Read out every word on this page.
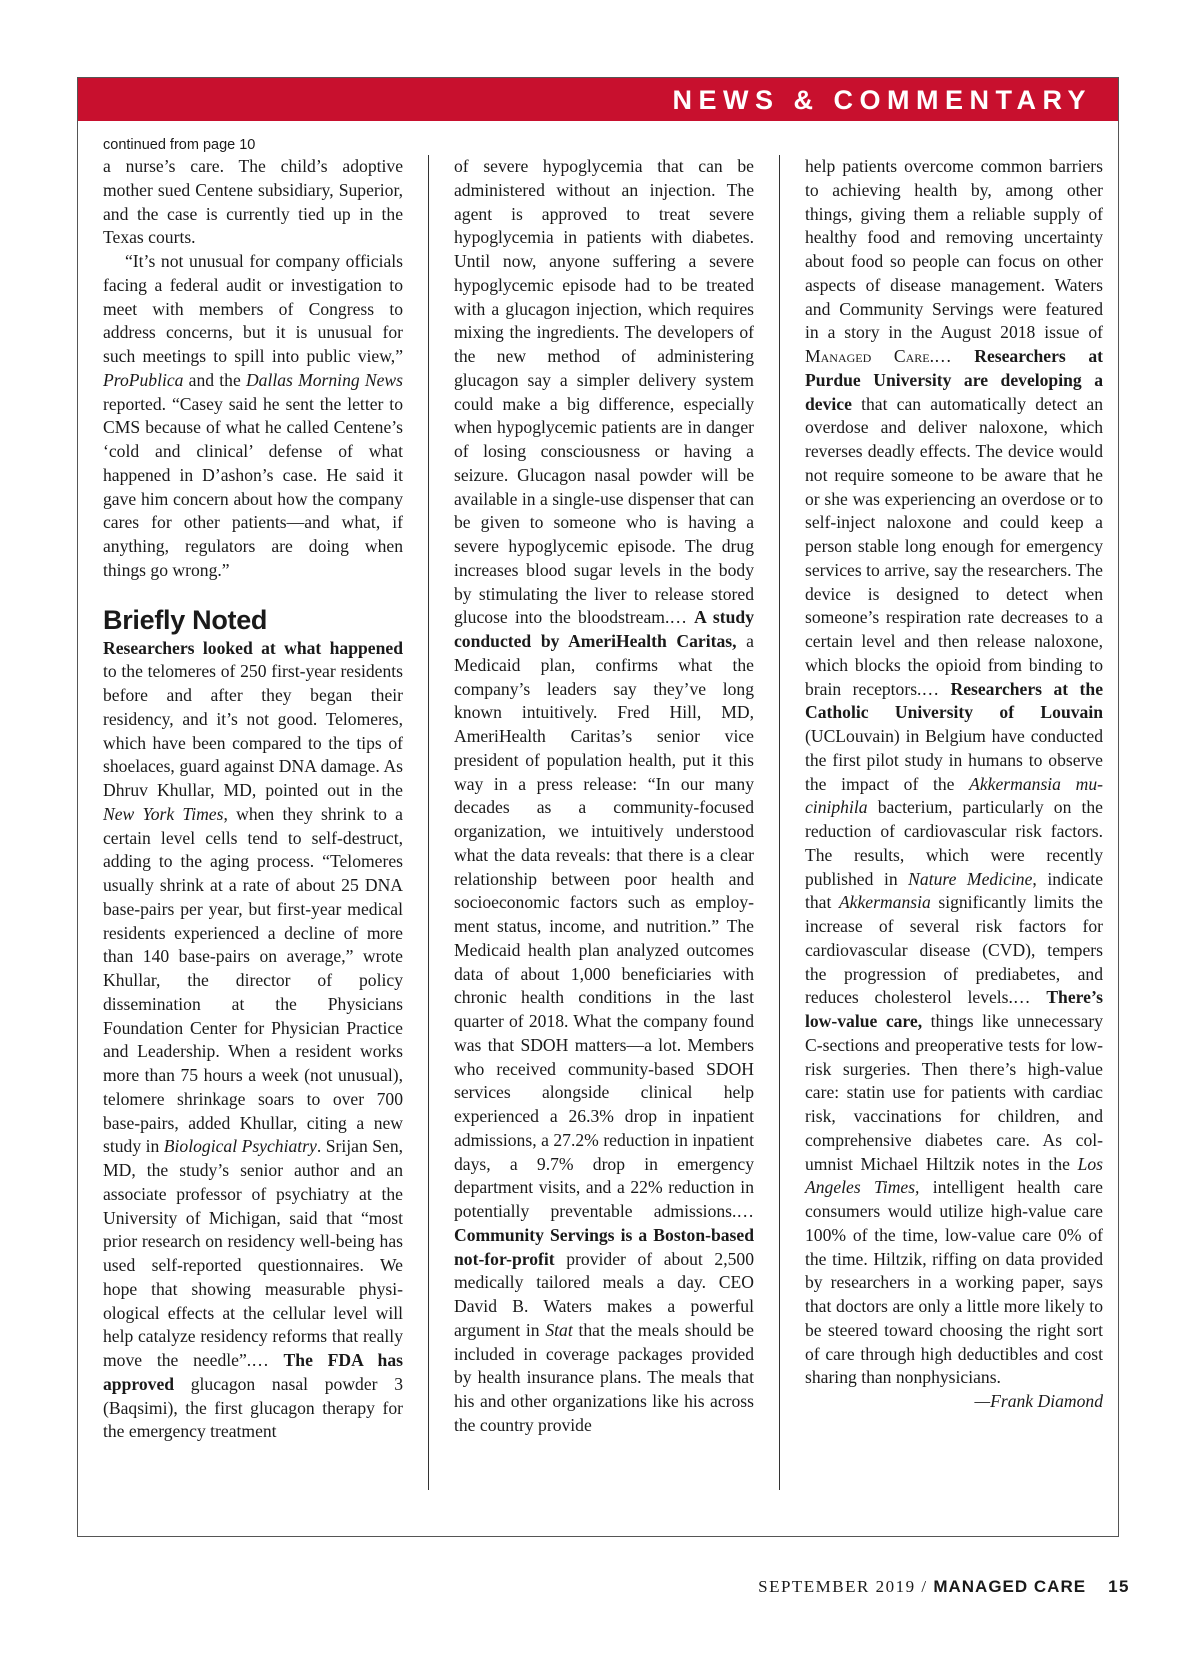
NEWS & COMMENTARY
continued from page 10

a nurse’s care. The child’s adoptive mother sued Centene subsidiary, Superior, and the case is currently tied up in the Texas courts.

“It’s not unusual for company officials facing a federal audit or investigation to meet with members of Congress to address concerns, but it is unusual for such meetings to spill into public view,” ProPublica and the Dallas Morning News reported. “Casey said he sent the letter to CMS because of what he called Centene’s ‘cold and clinical’ defense of what happened in D’ashon’s case. He said it gave him concern about how the company cares for other patients—and what, if anything, regulators are doing when things go wrong.”

Briefly Noted

Researchers looked at what happened to the telomeres of 250 first-year residents before and after they began their residency, and it’s not good. Telomeres, which have been compared to the tips of shoelaces, guard against DNA damage. As Dhruv Khullar, MD, pointed out in the New York Times, when they shrink to a certain level cells tend to self-destruct, adding to the aging process. “Telomeres usually shrink at a rate of about 25 DNA base-pairs per year, but first-year medical residents experienced a decline of more than 140 base-pairs on average,” wrote Khullar, the director of policy dissemination at the Physicians Foundation Center for Physician Practice and Leadership. When a resident works more than 75 hours a week (not unusual), telomere shrinkage soars to over 700 base-pairs, added Khullar, citing a new study in Biological Psychiatry. Srijan Sen, MD, the study’s senior author and an associate professor of psychiatry at the University of Michigan, said that “most prior research on residency well-being has used self-reported questionnaires. We hope that showing measurable physiological effects at the cellular level will help catalyze residency reforms that really move the needle”.… The FDA has approved glucagon nasal powder 3 (Baqsimi), the first glucagon therapy for the emergency treatment

of severe hypoglycemia that can be administered without an injection. The agent is approved to treat severe hypoglycemia in patients with diabetes. Until now, anyone suffering a severe hypoglycemic episode had to be treated with a glucagon injection, which requires mixing the ingredients. The developers of the new method of administering glucagon say a simpler delivery system could make a big difference, especially when hypoglycemic patients are in danger of losing consciousness or having a seizure. Glucagon nasal powder will be available in a single-use dispenser that can be given to someone who is having a severe hypoglycemic episode. The drug increases blood sugar levels in the body by stimulating the liver to release stored glucose into the bloodstream.… A study conducted by AmeriHealth Caritas, a Medicaid plan, confirms what the company’s leaders say they’ve long known intuitively. Fred Hill, MD, AmeriHealth Caritas’s senior vice president of population health, put it this way in a press release: “In our many decades as a community-focused organization, we intuitively understood what the data reveals: that there is a clear relationship between poor health and socioeconomic factors such as employment status, income, and nutrition.” The Medicaid health plan analyzed outcomes data of about 1,000 beneficiaries with chronic health conditions in the last quarter of 2018. What the company found was that SDOH matters—a lot. Members who received community-based SDOH services alongside clinical help experienced a 26.3% drop in inpatient admissions, a 27.2% reduction in inpatient days, a 9.7% drop in emergency department visits, and a 22% reduction in potentially preventable admissions.… Community Servings is a Boston-based not-for-profit provider of about 2,500 medically tailored meals a day. CEO David B. Waters makes a powerful argument in Stat that the meals should be included in coverage packages provided by health insurance plans. The meals that his and other organizations like his across the country provide

help patients overcome common barriers to achieving health by, among other things, giving them a reliable supply of healthy food and removing uncertainty about food so people can focus on other aspects of disease management. Waters and Community Servings were featured in a story in the August 2018 issue of Managed Care.… Researchers at Purdue University are developing a device that can automatically detect an overdose and deliver naloxone, which reverses deadly effects. The device would not require someone to be aware that he or she was experiencing an overdose or to self-inject naloxone and could keep a person stable long enough for emergency services to arrive, say the researchers. The device is designed to detect when someone’s respiration rate decreases to a certain level and then release naloxone, which blocks the opioid from binding to brain receptors.… Researchers at the Catholic University of Louvain (UCLouvain) in Belgium have conducted the first pilot study in humans to observe the impact of the Akkermansia muciniphila bacterium, particularly on the reduction of cardiovascular risk factors. The results, which were recently published in Nature Medicine, indicate that Akkermansia significantly limits the increase of several risk factors for cardiovascular disease (CVD), tempers the progression of prediabetes, and reduces cholesterol levels.… There’s low-value care, things like unnecessary C-sections and preoperative tests for low-risk surgeries. Then there’s high-value care: statin use for patients with cardiac risk, vaccinations for children, and comprehensive diabetes care. As columnist Michael Hiltzik notes in the Los Angeles Times, intelligent health care consumers would utilize high-value care 100% of the time, low-value care 0% of the time. Hiltzik, riffing on data provided by researchers in a working paper, says that doctors are only a little more likely to be steered toward choosing the right sort of care through high deductibles and cost sharing than nonphysicians.

—Frank Diamond

SEPTEMBER 2019 / MANAGED CARE 15
